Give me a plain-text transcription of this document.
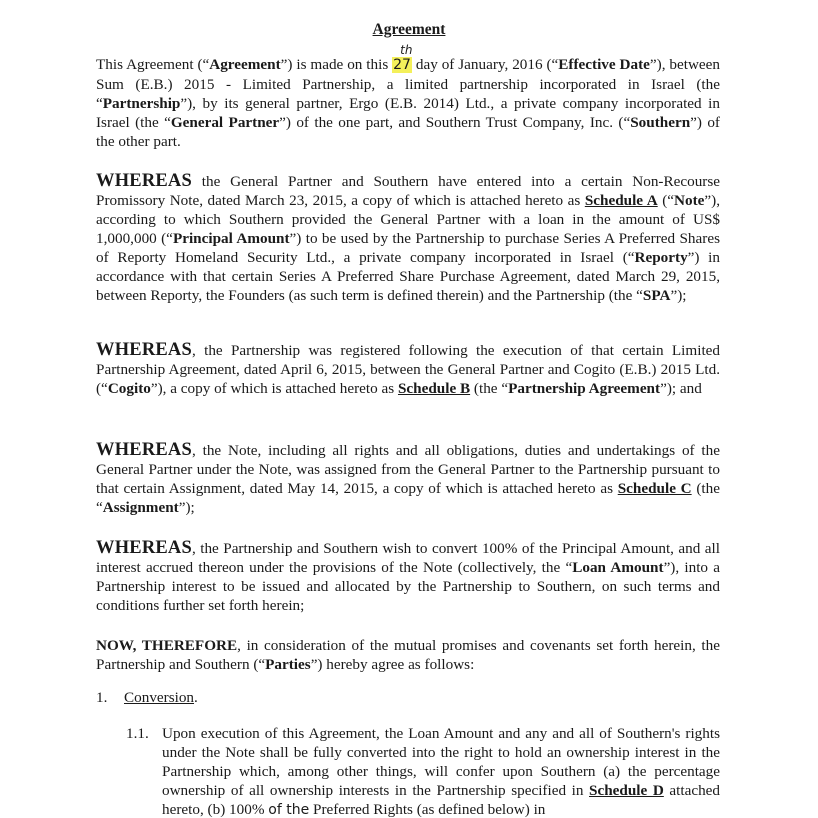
Agreement

This Agreement (“Agreement”) is made on this 27
th
day of January, 2016 (“Effective Date”), between Sum (E.B.) 2015 - Limited Partnership, a limited partnership incorporated in Israel (the “Partnership”), by its general partner, Ergo (E.B. 2014) Ltd., a private company incorporated in Israel (the “General Partner”) of the one part, and Southern Trust Company, Inc. (“Southern”) of the other part.

WHEREAS the General Partner and Southern have entered into a certain Non-Recourse Promissory Note, dated March 23, 2015, a copy of which is attached hereto as Schedule A (“Note”), according to which Southern provided the General Partner with a loan in the amount of US$ 1,000,000 (“Principal Amount”) to be used by the Partnership to purchase Series A Preferred Shares of Reporty Homeland Security Ltd., a private company incorporated in Israel (“Reporty”) in accordance with that certain Series A Preferred Share Purchase Agreement, dated March 29, 2015, between Reporty, the Founders (as such term is defined therein) and the Partnership (the “SPA”);

WHEREAS, the Partnership was registered following the execution of that certain Limited Partnership Agreement, dated April 6, 2015, between the General Partner and Cogito (E.B.) 2015 Ltd. (“Cogito”), a copy of which is attached hereto as Schedule B (the “Partnership Agreement”); and

WHEREAS, the Note, including all rights and all obligations, duties and undertakings of the General Partner under the Note, was assigned from the General Partner to the Partnership pursuant to that certain Assignment, dated May 14, 2015, a copy of which is attached hereto as Schedule C (the “Assignment”);

WHEREAS, the Partnership and Southern wish to convert 100% of the Principal Amount, and all interest accrued thereon under the provisions of the Note (collectively, the “Loan Amount”), into a Partnership interest to be issued and allocated by the Partnership to Southern, on such terms and conditions further set forth herein;

NOW, THEREFORE, in consideration of the mutual promises and covenants set forth herein, the Partnership and Southern (“Parties”) hereby agree as follows:

1. Conversion.
1.1. Upon execution of this Agreement, the Loan Amount and any and all of Southern's rights under the Note shall be fully converted into the right to hold an ownership interest in the Partnership which, among other things, will confer upon Southern (a) the percentage ownership of all ownership interests in the Partnership specified in Schedule D attached hereto, (b) 100% of the Preferred Rights (as defined below) in
